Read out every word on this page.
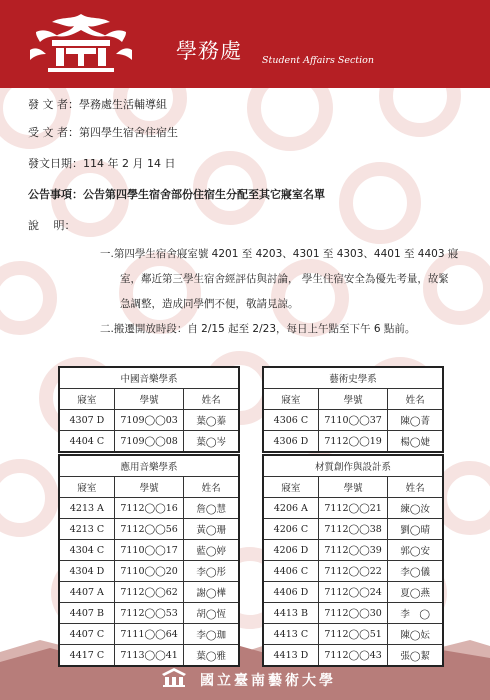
學務處 Student Affairs Section
國立臺南藝術大學
發 文 者：學務處生活輔導組
受 文 者：第四學生宿舍住宿生
發文日期：114 年 2 月 14 日
公告事項：公告第四學生宿舍部份住宿生分配至其它寢室名單
說　 明：
一.第四學生宿舍寢室號 4201 至 4203、4301 至 4303、4401 至 4403 寢
室，鄰近第三學生宿舍經評估與討論， 學生住宿安全為優先考量，故緊
急調整，造成同學們不便，敬請見諒。
二.搬遷開放時段：自 2/15 起至 2/23，每日上午點至下午 6 點前。
中國音樂學系		
寢室	學號	姓名
4307 D	7109◯◯03	葉◯蓁
4404 C	7109◯◯08	葉◯岑
藝術史學系		
寢室	學號	姓名
4306 C	7110◯◯37	陳◯菁
4306 D	7112◯◯19	楊◯婕
應用音樂學系		
寢室	學號	姓名
4213 A	7112◯◯16	詹◯慧
4213 C	7112◯◯56	黃◯珊
4304 C	7110◯◯17	藍◯婷
4304 D	7110◯◯20	李◯彤
4407 A	7112◯◯62	謝◯樺
4407 B	7112◯◯53	胡◯恆
4407 C	7111◯◯64	李◯珈
4417 C	7113◯◯41	葉◯雅
材質創作與設計系		
寢室	學號	姓名
4206 A	7112◯◯21	練◯汝
4206 C	7112◯◯38	劉◯晴
4206 D	7112◯◯39	郭◯安
4406 C	7112◯◯22	李◯儀
4406 D	7112◯◯24	夏◯燕
4413 B	7112◯◯30	李　◯
4413 C	7112◯◯51	陳◯妘
4413 D	7112◯◯43	張◯絜
